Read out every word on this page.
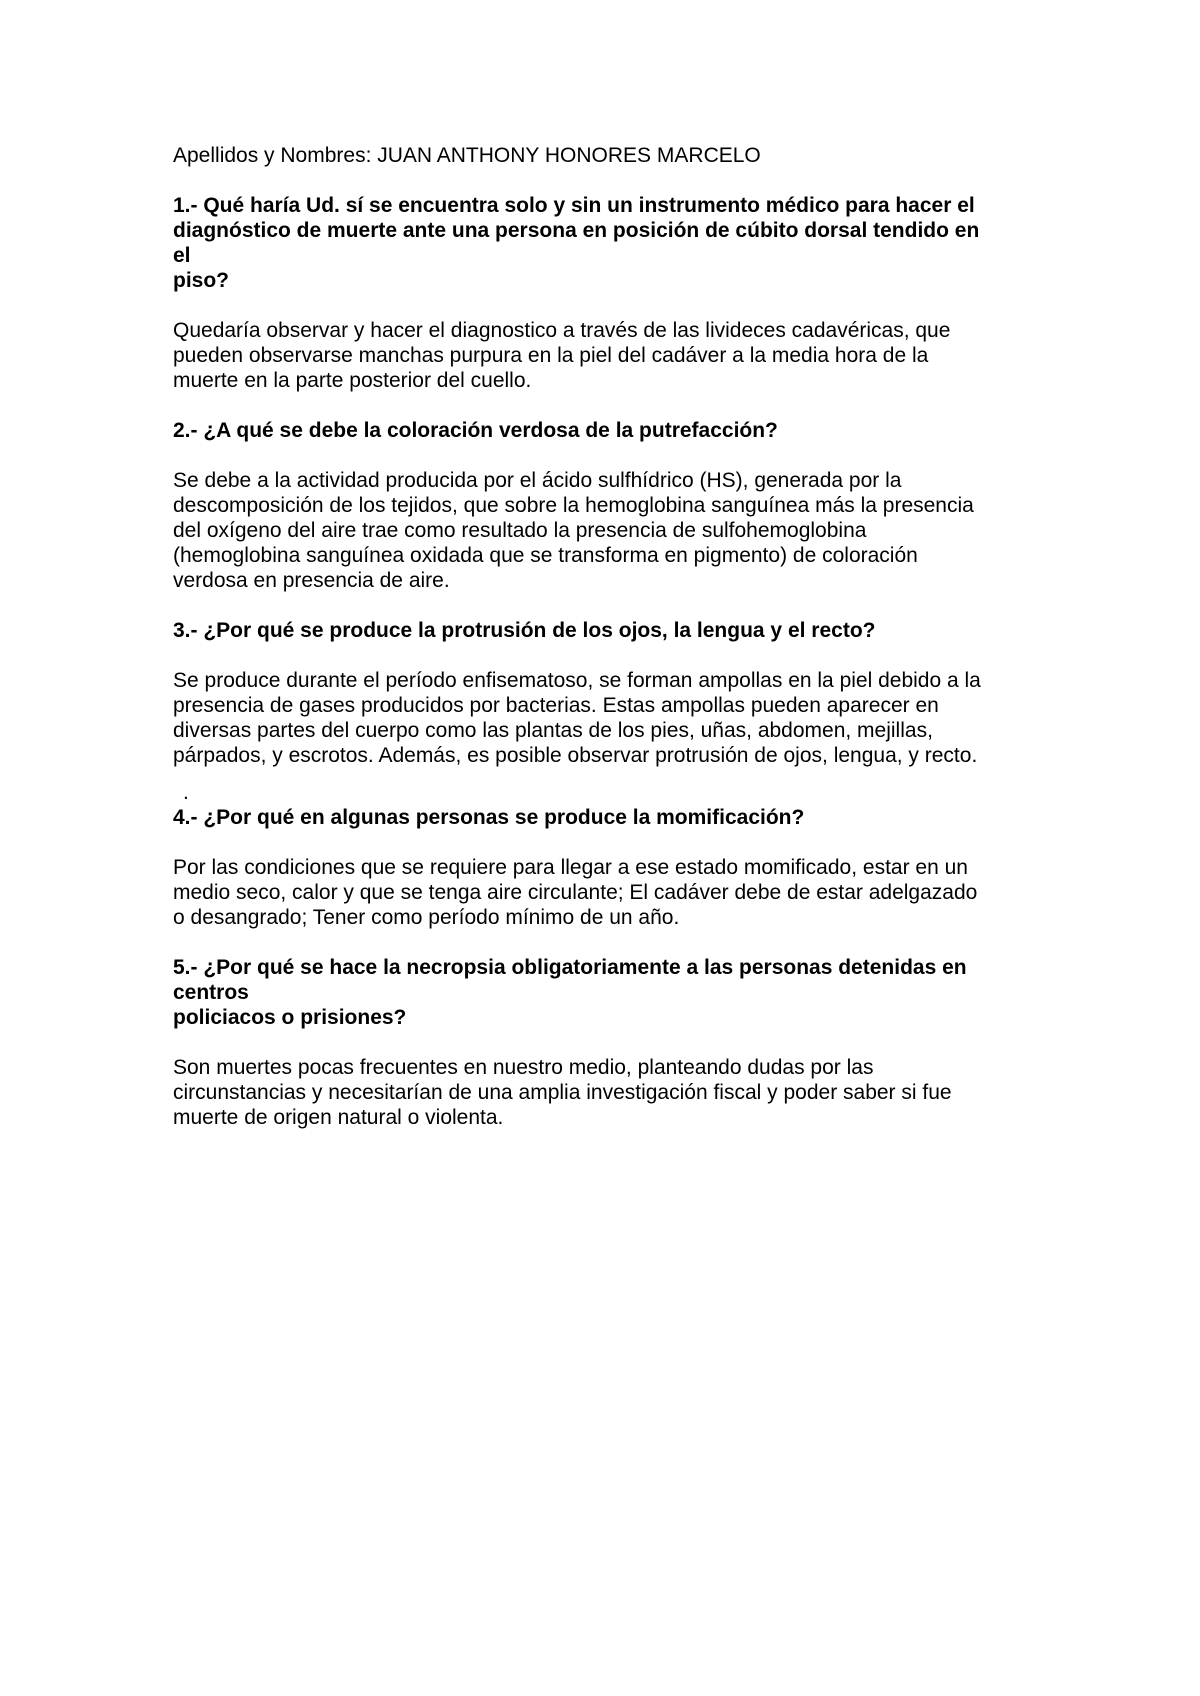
Apellidos y Nombres: JUAN ANTHONY HONORES MARCELO
1.- Qué haría Ud. sí se encuentra solo y sin un instrumento médico para hacer el
diagnóstico de muerte ante una persona en posición de cúbito dorsal tendido en
el
piso?
Quedaría observar y hacer el diagnostico a través de las livideces cadavéricas, que
pueden observarse manchas purpura en la piel del cadáver a la media hora de la
muerte en la parte posterior del cuello.
2.- ¿A qué se debe la coloración verdosa de la putrefacción?
Se debe a la actividad producida por el ácido sulfhídrico (HS), generada por la
descomposición de los tejidos, que sobre la hemoglobina sanguínea más la presencia
del oxígeno del aire trae como resultado la presencia de sulfohemoglobina
(hemoglobina sanguínea oxidada que se transforma en pigmento) de coloración
verdosa en presencia de aire.
3.- ¿Por qué se produce la protrusión de los ojos, la lengua y el recto?
Se produce durante el período enfisematoso, se forman ampollas en la piel debido a la
presencia de gases producidos por bacterias. Estas ampollas pueden aparecer en
diversas partes del cuerpo como las plantas de los pies, uñas, abdomen, mejillas,
párpados, y escrotos. Además, es posible observar protrusión de ojos, lengua, y recto.
.
4.- ¿Por qué en algunas personas se produce la momificación?
Por las condiciones que se requiere para llegar a ese estado momificado, estar en un
medio seco, calor y que se tenga aire circulante; El cadáver debe de estar adelgazado
o desangrado; Tener como período mínimo de un año.
5.- ¿Por qué se hace la necropsia obligatoriamente a las personas detenidas en
centros
policiacos o prisiones?
Son muertes pocas frecuentes en nuestro medio, planteando dudas por las
circunstancias y necesitarían de una amplia investigación fiscal y poder saber si fue
muerte de origen natural o violenta.
